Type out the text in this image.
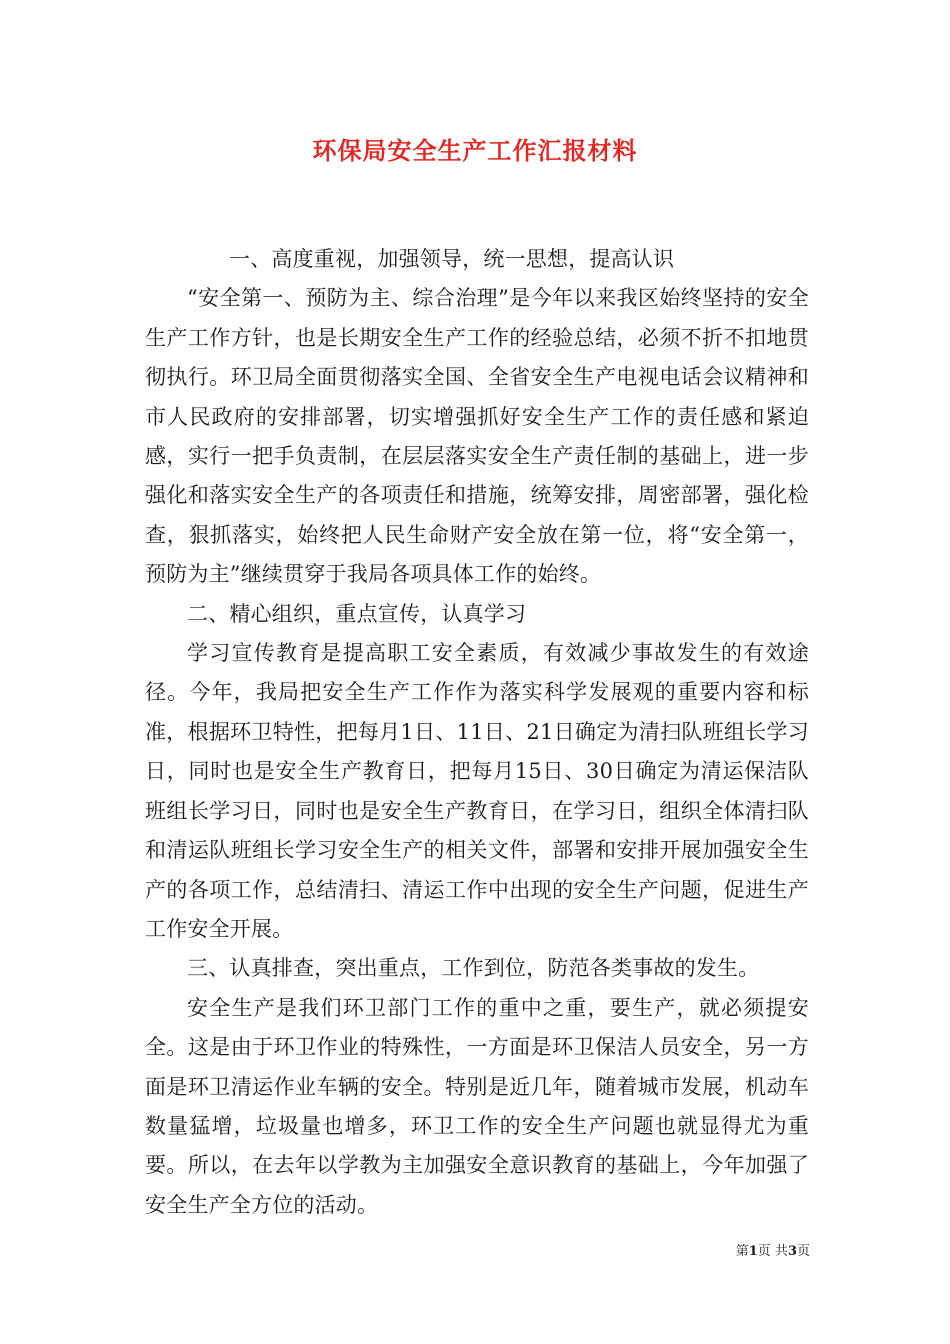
环保局安全生产工作汇报材料

一、高度重视，加强领导，统一思想，提高认识

“安全第一、预防为主、综合治理”是今年以来我区始终坚持的安全生产工作方针，也是长期安全生产工作的经验总结，必须不折不扣地贯彻执行。环卫局全面贯彻落实全国、全省安全生产电视电话会议精神和市人民政府的安排部署，切实增强抓好安全生产工作的责任感和紧迫感，实行一把手负责制，在层层落实安全生产责任制的基础上，进一步强化和落实安全生产的各项责任和措施，统筹安排，周密部署，强化检查，狠抓落实，始终把人民生命财产安全放在第一位，将“安全第一，预防为主”继续贯穿于我局各项具体工作的始终。

二、精心组织，重点宣传，认真学习

学习宣传教育是提高职工安全素质，有效减少事故发生的有效途径。今年，我局把安全生产工作作为落实科学发展观的重要内容和标准，根据环卫特性，把每月1日、11日、21日确定为清扫队班组长学习日，同时也是安全生产教育日，把每月15日、30日确定为清运保洁队班组长学习日，同时也是安全生产教育日，在学习日，组织全体清扫队和清运队班组长学习安全生产的相关文件，部署和安排开展加强安全生产的各项工作，总结清扫、清运工作中出现的安全生产问题，促进生产工作安全开展。

三、认真排查，突出重点，工作到位，防范各类事故的发生。

安全生产是我们环卫部门工作的重中之重，要生产，就必须提安全。这是由于环卫作业的特殊性，一方面是环卫保洁人员安全，另一方面是环卫清运作业车辆的安全。特别是近几年，随着城市发展，机动车数量猛增，垃圾量也增多，环卫工作的安全生产问题也就显得尤为重要。所以，在去年以学教为主加强安全意识教育的基础上，今年加强了安全生产全方位的活动。

第1页 共3页
